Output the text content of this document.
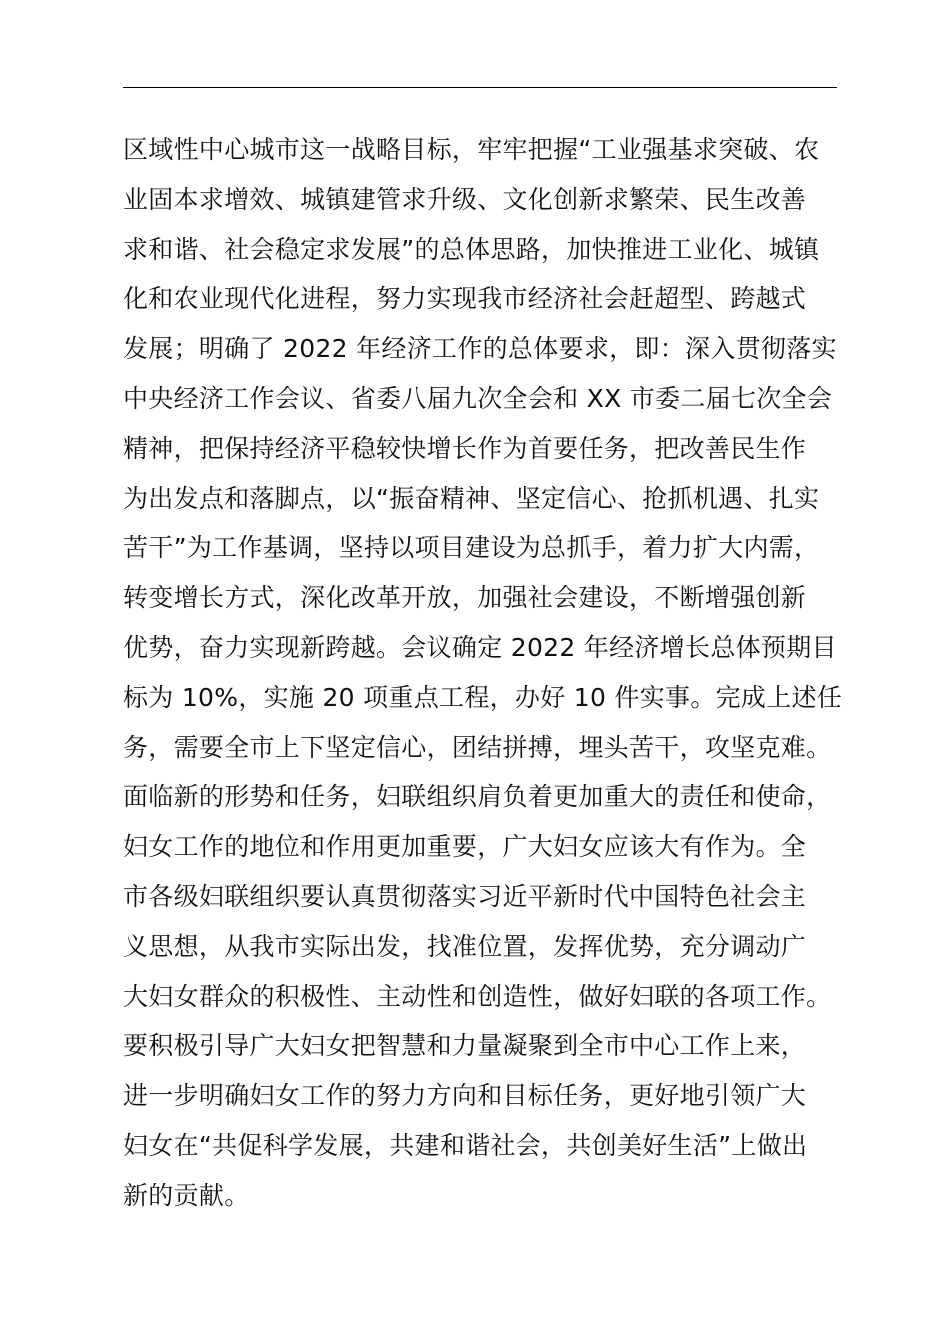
区域性中心城市这一战略目标，牢牢把握“工业强基求突破、农
业固本求增效、城镇建管求升级、文化创新求繁荣、民生改善
求和谐、社会稳定求发展”的总体思路，加快推进工业化、城镇
化和农业现代化进程，努力实现我市经济社会赶超型、跨越式
发展；明确了 2022 年经济工作的总体要求，即：深入贯彻落实
中央经济工作会议、省委八届九次全会和 XX 市委二届七次全会
精神，把保持经济平稳较快增长作为首要任务，把改善民生作
为出发点和落脚点，以“振奋精神、坚定信心、抢抓机遇、扎实
苦干”为工作基调，坚持以项目建设为总抓手，着力扩大内需，
转变增长方式，深化改革开放，加强社会建设，不断增强创新
优势，奋力实现新跨越。会议确定 2022 年经济增长总体预期目
标为 10%，实施 20 项重点工程，办好 10 件实事。完成上述任
务，需要全市上下坚定信心，团结拼搏，埋头苦干，攻坚克难。
面临新的形势和任务，妇联组织肩负着更加重大的责任和使命，
妇女工作的地位和作用更加重要，广大妇女应该大有作为。全
市各级妇联组织要认真贯彻落实习近平新时代中国特色社会主
义思想，从我市实际出发，找准位置，发挥优势，充分调动广
大妇女群众的积极性、主动性和创造性，做好妇联的各项工作。
要积极引导广大妇女把智慧和力量凝聚到全市中心工作上来，
进一步明确妇女工作的努力方向和目标任务，更好地引领广大
妇女在“共促科学发展，共建和谐社会，共创美好生活”上做出
新的贡献。
